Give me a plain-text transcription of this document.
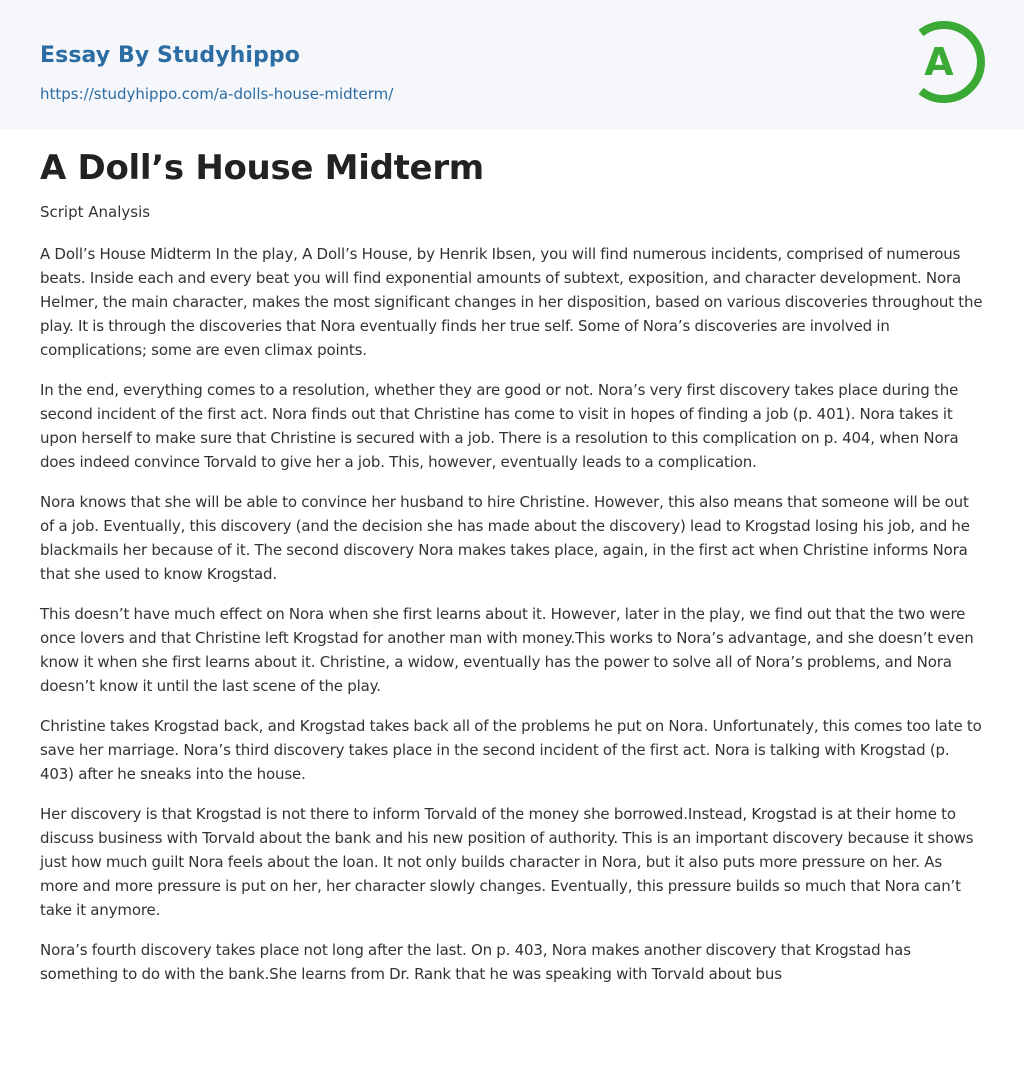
Essay By Studyhippo
https://studyhippo.com/a-dolls-house-midterm/
A
A Doll’s House Midterm
Script Analysis

A Doll’s House Midterm In the play, A Doll’s House, by Henrik Ibsen, you will find numerous incidents, comprised of numerous beats. Inside each and every beat you will find exponential amounts of subtext, exposition, and character development. Nora Helmer, the main character, makes the most significant changes in her disposition, based on various discoveries throughout the play. It is through the discoveries that Nora eventually finds her true self. Some of Nora’s discoveries are involved in complications; some are even climax points.

In the end, everything comes to a resolution, whether they are good or not. Nora’s very first discovery takes place during the second incident of the first act. Nora finds out that Christine has come to visit in hopes of finding a job (p. 401). Nora takes it upon herself to make sure that Christine is secured with a job. There is a resolution to this complication on p. 404, when Nora does indeed convince Torvald to give her a job. This, however, eventually leads to a complication.

Nora knows that she will be able to convince her husband to hire Christine. However, this also means that someone will be out of a job. Eventually, this discovery (and the decision she has made about the discovery) lead to Krogstad losing his job, and he blackmails her because of it. The second discovery Nora makes takes place, again, in the first act when Christine informs Nora that she used to know Krogstad.

This doesn’t have much effect on Nora when she first learns about it. However, later in the play, we find out that the two were once lovers and that Christine left Krogstad for another man with money.This works to Nora’s advantage, and she doesn’t even know it when she first learns about it. Christine, a widow, eventually has the power to solve all of Nora’s problems, and Nora doesn’t know it until the last scene of the play.

Christine takes Krogstad back, and Krogstad takes back all of the problems he put on Nora. Unfortunately, this comes too late to save her marriage. Nora’s third discovery takes place in the second incident of the first act. Nora is talking with Krogstad (p. 403) after he sneaks into the house.

Her discovery is that Krogstad is not there to inform Torvald of the money she borrowed.Instead, Krogstad is at their home to discuss business with Torvald about the bank and his new position of authority. This is an important discovery because it shows just how much guilt Nora feels about the loan. It not only builds character in Nora, but it also puts more pressure on her. As more and more pressure is put on her, her character slowly changes. Eventually, this pressure builds so much that Nora can’t take it anymore.

Nora’s fourth discovery takes place not long after the last. On p. 403, Nora makes another discovery that Krogstad has something to do with the bank.She learns from Dr. Rank that he was speaking with Torvald about bus
